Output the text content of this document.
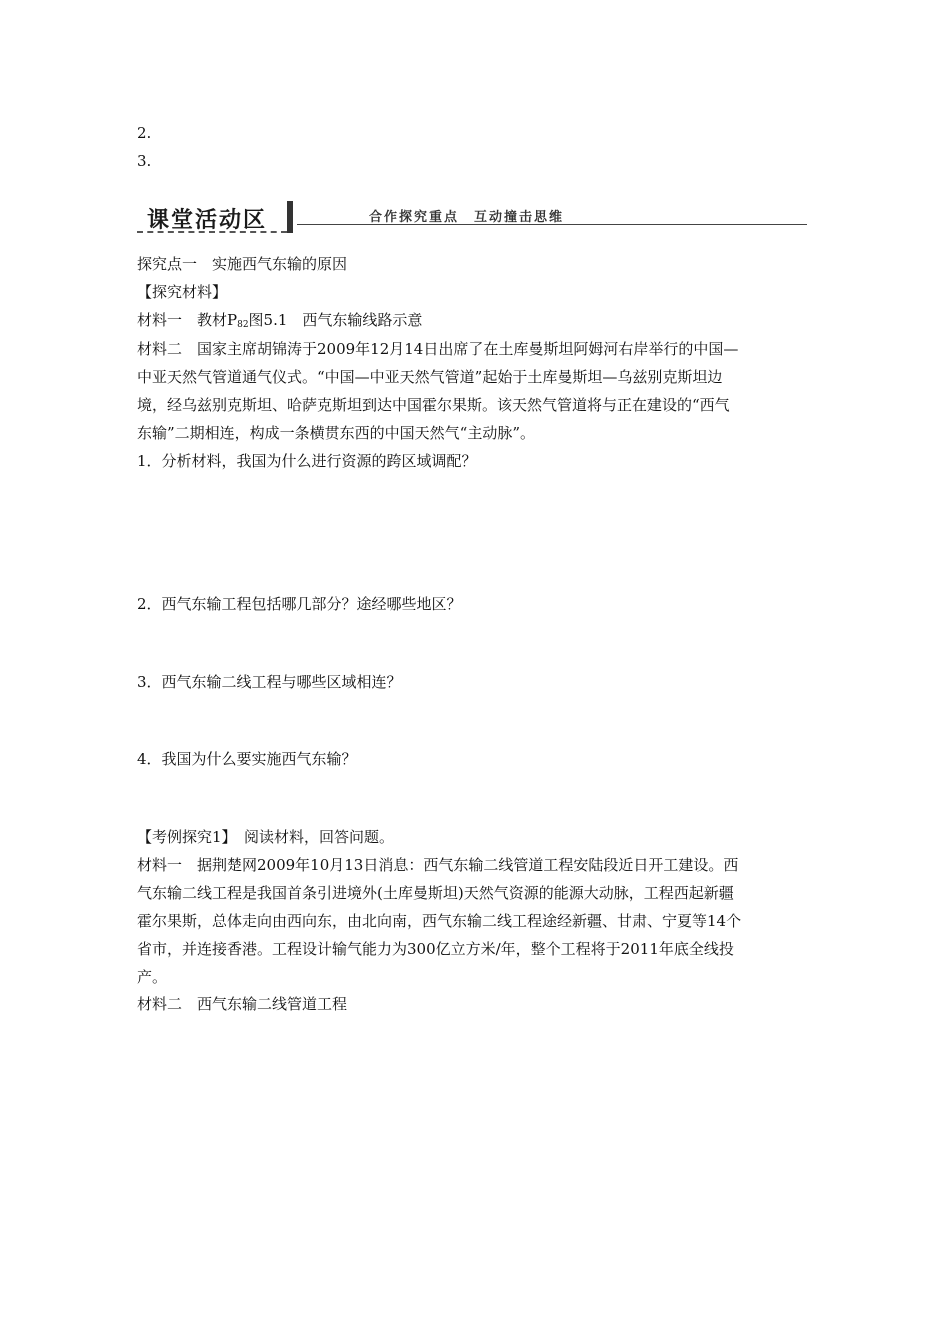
2.
3.
课堂活动区	合作探究重点　互动撞击思维
探究点一　实施西气东输的原因
【探究材料】
材料一　教材$P_{82}$图5.1　西气东输线路示意
材料二　国家主席胡锦涛于2009年12月14日出席了在土库曼斯坦阿姆河右岸举行的中国—
中亚天然气管道通气仪式。“中国—中亚天然气管道”起始于土库曼斯坦—乌兹别克斯坦边
境，经乌兹别克斯坦、哈萨克斯坦到达中国霍尔果斯。该天然气管道将与正在建设的“西气
东输”二期相连，构成一条横贯东西的中国天然气“主动脉”。
1．分析材料，我国为什么进行资源的跨区域调配？
2．西气东输工程包括哪几部分？途经哪些地区？
3．西气东输二线工程与哪些区域相连？
4．我国为什么要实施西气东输？
【考例探究1】　阅读材料，回答问题。
材料一　据荆楚网2009年10月13日消息：西气东输二线管道工程安陆段近日开工建设。西
气东输二线工程是我国首条引进境外(土库曼斯坦)天然气资源的能源大动脉，工程西起新疆
霍尔果斯，总体走向由西向东，由北向南，西气东输二线工程途经新疆、甘肃、宁夏等14个
省市，并连接香港。工程设计输气能力为300亿立方米/年，整个工程将于2011年底全线投
产。
材料二　西气东输二线管道工程
